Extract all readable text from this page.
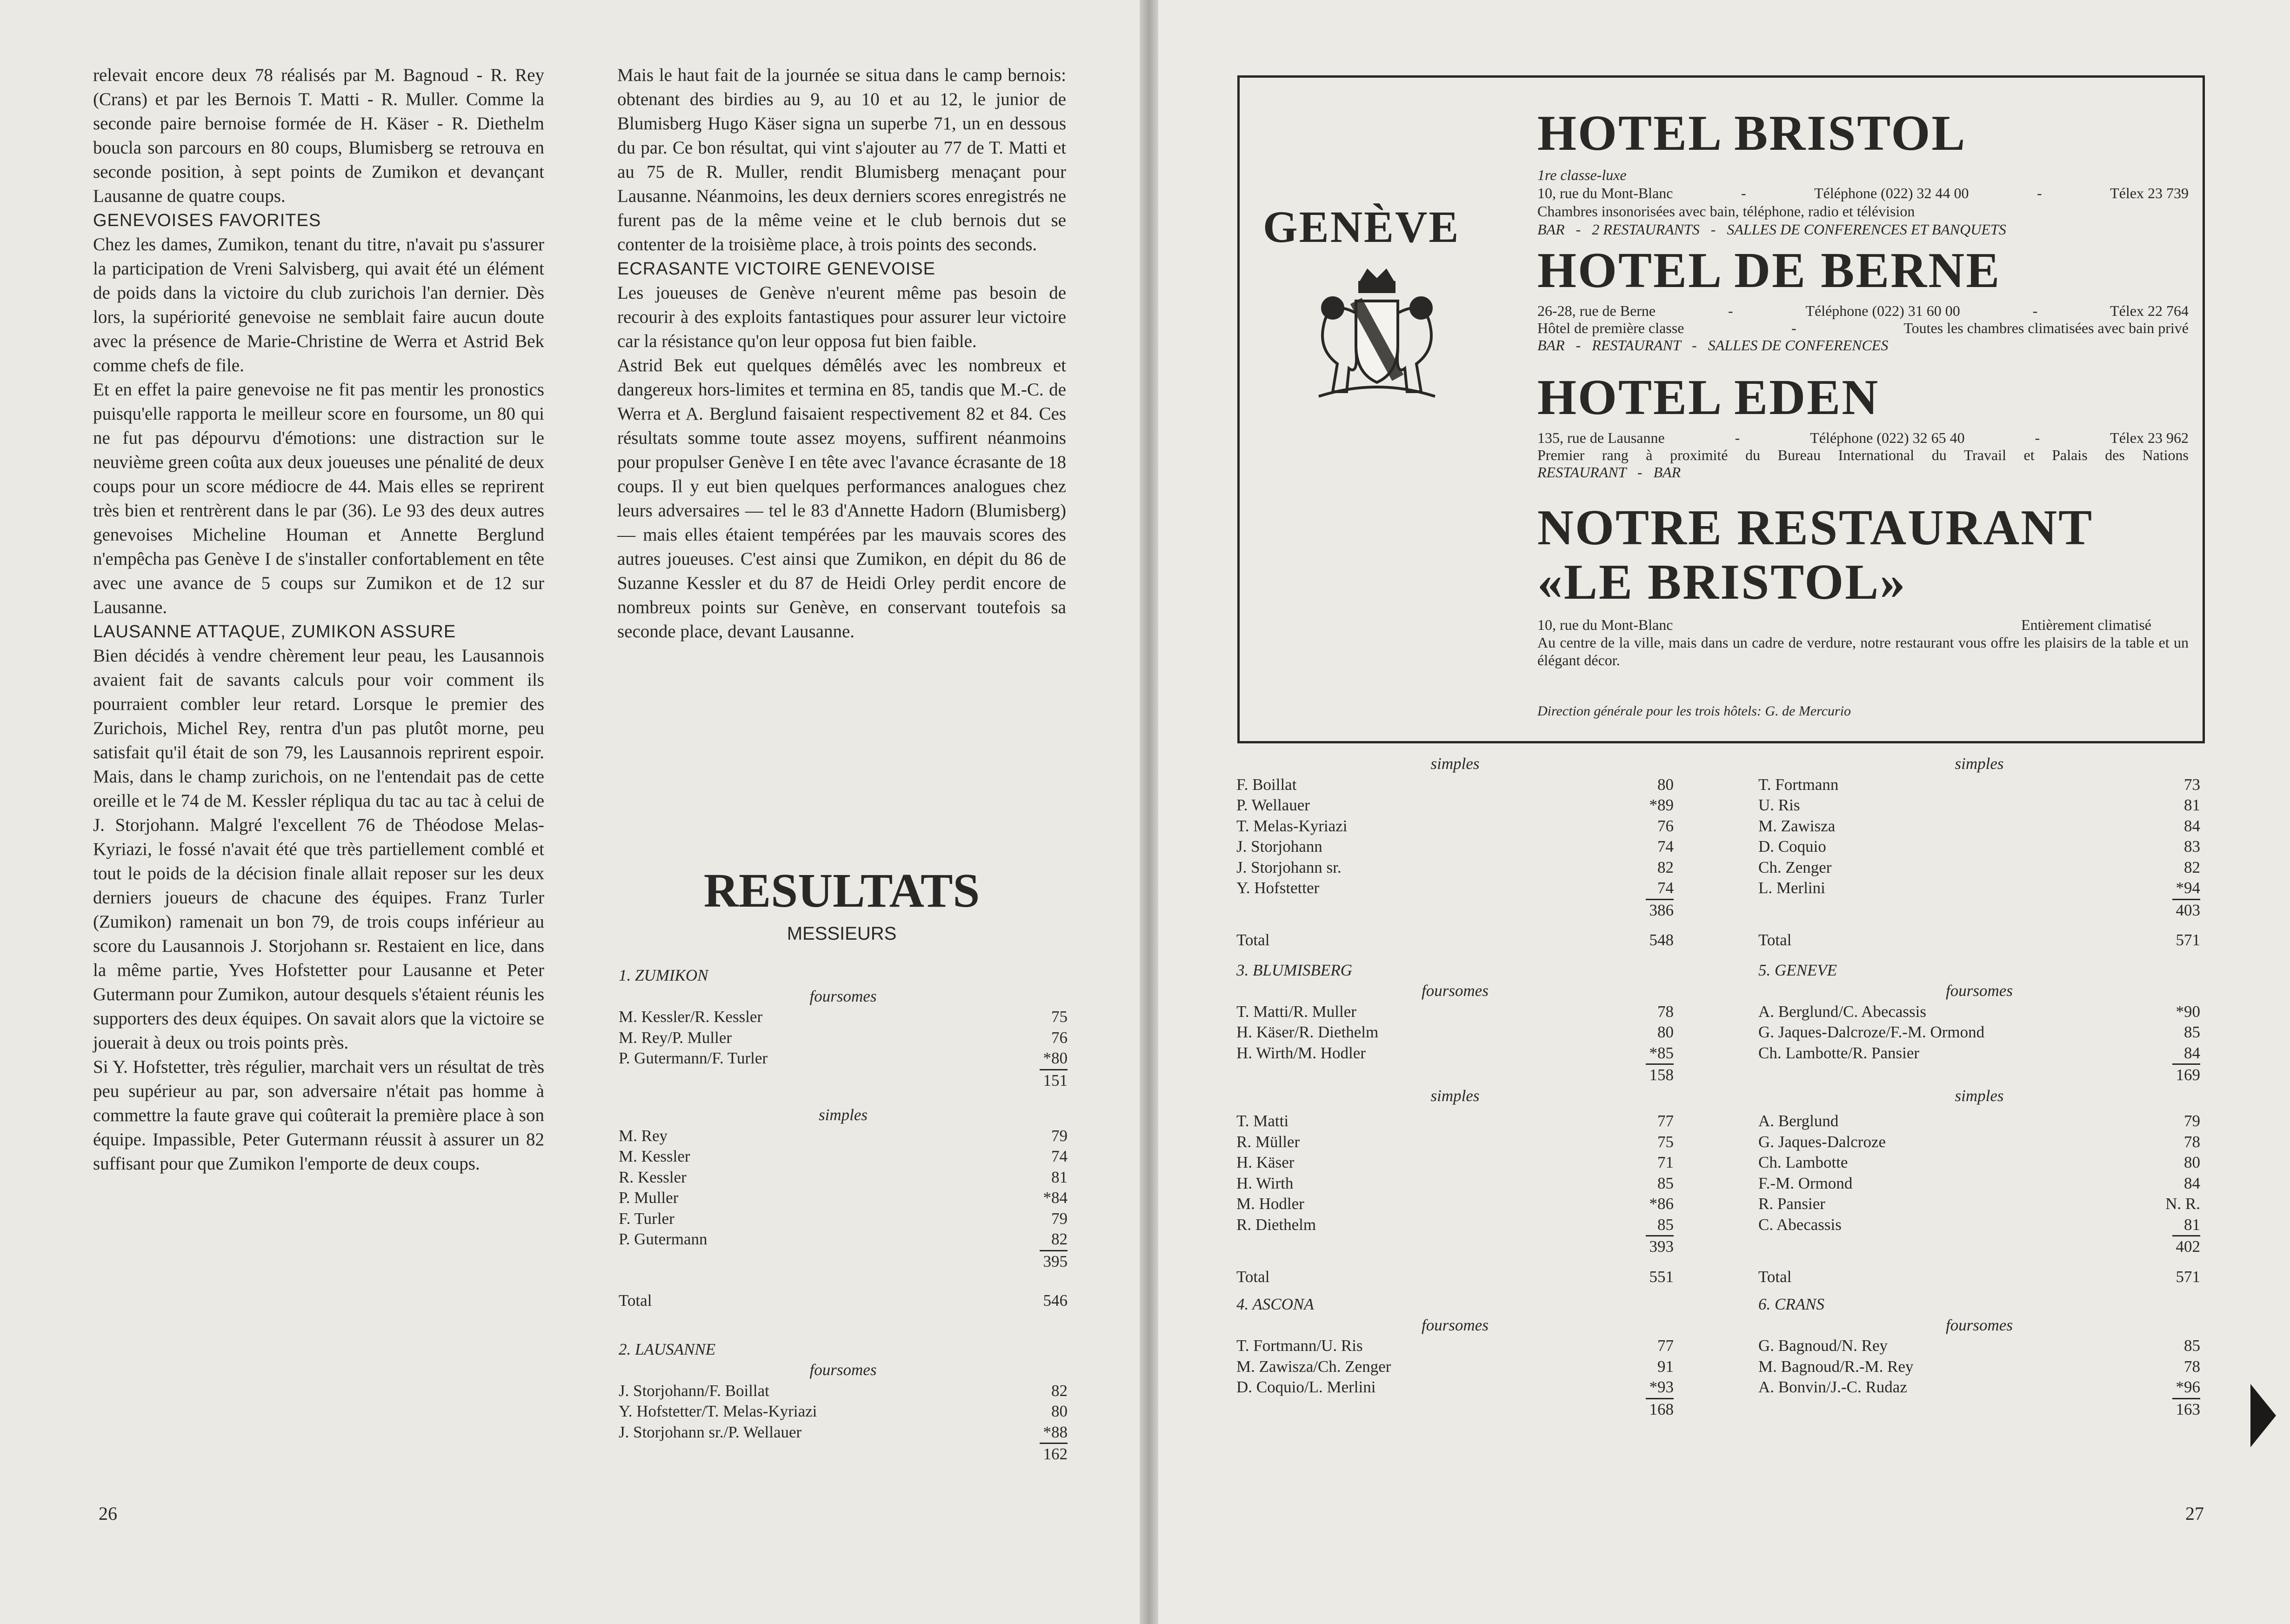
relevait encore deux 78 réalisés par M. Bagnoud - R. Rey (Crans) et par les Bernois T. Matti - R. Muller. Comme la seconde paire bernoise formée de H. Käser - R. Diethelm boucla son parcours en 80 coups, Blumisberg se retrouva en seconde position, à sept points de Zumikon et devançant Lausanne de quatre coups.

GENEVOISES FAVORITES

Chez les dames, Zumikon, tenant du titre, n'avait pu s'assurer la participation de Vreni Salvisberg, qui avait été un élément de poids dans la victoire du club zurichois l'an dernier. Dès lors, la supériorité genevoise ne semblait faire aucun doute avec la présence de Marie-Christine de Werra et Astrid Bek comme chefs de file.

Et en effet la paire genevoise ne fit pas mentir les pronostics puisqu'elle rapporta le meilleur score en foursome, un 80 qui ne fut pas dépourvu d'émotions: une distraction sur le neuvième green coûta aux deux joueuses une pénalité de deux coups pour un score médiocre de 44. Mais elles se reprirent très bien et rentrèrent dans le par (36). Le 93 des deux autres genevoises Micheline Houman et Annette Berglund n'empêcha pas Genève I de s'installer confortablement en tête avec une avance de 5 coups sur Zumikon et de 12 sur Lausanne.

LAUSANNE ATTAQUE, ZUMIKON ASSURE

Bien décidés à vendre chèrement leur peau, les Lausannois avaient fait de savants calculs pour voir comment ils pourraient combler leur retard. Lorsque le premier des Zurichois, Michel Rey, rentra d'un pas plutôt morne, peu satisfait qu'il était de son 79, les Lausannois reprirent espoir. Mais, dans le champ zurichois, on ne l'entendait pas de cette oreille et le 74 de M. Kessler répliqua du tac au tac à celui de J. Storjohann. Malgré l'excellent 76 de Théodose Melas-Kyriazi, le fossé n'avait été que très partiellement comblé et tout le poids de la décision finale allait reposer sur les deux derniers joueurs de chacune des équipes. Franz Turler (Zumikon) ramenait un bon 79, de trois coups inférieur au score du Lausannois J. Storjohann sr. Restaient en lice, dans la même partie, Yves Hofstetter pour Lausanne et Peter Gutermann pour Zumikon, autour desquels s'étaient réunis les supporters des deux équipes. On savait alors que la victoire se jouerait à deux ou trois points près.

Si Y. Hofstetter, très régulier, marchait vers un résultat de très peu supérieur au par, son adversaire n'était pas homme à commettre la faute grave qui coûterait la première place à son équipe. Impassible, Peter Gutermann réussit à assurer un 82 suffisant pour que Zumikon l'emporte de deux coups.

Mais le haut fait de la journée se situa dans le camp bernois: obtenant des birdies au 9, au 10 et au 12, le junior de Blumisberg Hugo Käser signa un superbe 71, un en dessous du par. Ce bon résultat, qui vint s'ajouter au 77 de T. Matti et au 75 de R. Muller, rendit Blumisberg menaçant pour Lausanne. Néanmoins, les deux derniers scores enregistrés ne furent pas de la même veine et le club bernois dut se contenter de la troisième place, à trois points des seconds.

ECRASANTE VICTOIRE GENEVOISE

Les joueuses de Genève n'eurent même pas besoin de recourir à des exploits fantastiques pour assurer leur victoire car la résistance qu'on leur opposa fut bien faible.

Astrid Bek eut quelques démêlés avec les nombreux et dangereux hors-limites et termina en 85, tandis que M.-C. de Werra et A. Berglund faisaient respectivement 82 et 84. Ces résultats somme toute assez moyens, suffirent néanmoins pour propulser Genève I en tête avec l'avance écrasante de 18 coups. Il y eut bien quelques performances analogues chez leurs adversaires — tel le 83 d'Annette Hadorn (Blumisberg) — mais elles étaient tempérées par les mauvais scores des autres joueuses. C'est ainsi que Zumikon, en dépit du 86 de Suzanne Kessler et du 87 de Heidi Orley perdit encore de nombreux points sur Genève, en conservant toutefois sa seconde place, devant Lausanne.

RESULTATS
MESSIEURS
1. ZUMIKON
foursomes
M. Kessler/R. Kessler	75
M. Rey/P. Muller	76
P. Gutermann/F. Turler	*80
151
simples
M. Rey	79
M. Kessler	74
R. Kessler	81
P. Muller	*84
F. Turler	79
P. Gutermann	82
395
Total	546
2. LAUSANNE
foursomes
J. Storjohann/F. Boillat	82
Y. Hofstetter/T. Melas-Kyriazi	80
J. Storjohann sr./P. Wellauer	*88
162
26
GENÈVE
HOTEL BRISTOL
1re classe-luxe
10, rue du Mont-Blanc	-	Téléphone (022) 32 44 00	-	Télex 23 739
Chambres insonorisées avec bain, téléphone, radio et télévision
BAR   -   2 RESTAURANTS   -   SALLES DE CONFERENCES ET BANQUETS
HOTEL DE BERNE
26-28, rue de Berne	-	Téléphone (022) 31 60 00	-	Télex 22 764
Hôtel de première classe	-	Toutes les chambres climatisées avec bain privé
BAR   -   RESTAURANT   -   SALLES DE CONFERENCES
HOTEL EDEN
135, rue de Lausanne	-	Téléphone (022) 32 65 40	-	Télex 23 962
Premier rang à proximité du Bureau International du Travail et Palais des Nations
RESTAURANT   -   BAR
NOTRE RESTAURANT
«LE BRISTOL»
10, rue du Mont-Blanc	Entièrement climatisé
Au centre de la ville, mais dans un cadre de verdure, notre restaurant vous offre les plaisirs de la table et un élégant décor.
Direction générale pour les trois hôtels: G. de Mercurio
simples
F. Boillat	80
P. Wellauer	*89
T. Melas-Kyriazi	76
J. Storjohann	74
J. Storjohann sr.	82
Y. Hofstetter	74
386
Total	548
3. BLUMISBERG
foursomes
T. Matti/R. Muller	78
H. Käser/R. Diethelm	80
H. Wirth/M. Hodler	*85
158
simples
T. Matti	77
R. Müller	75
H. Käser	71
H. Wirth	85
M. Hodler	*86
R. Diethelm	85
393
Total	551
4. ASCONA
foursomes
T. Fortmann/U. Ris	77
M. Zawisza/Ch. Zenger	91
D. Coquio/L. Merlini	*93
168
simples
T. Fortmann	73
U. Ris	81
M. Zawisza	84
D. Coquio	83
Ch. Zenger	82
L. Merlini	*94
403
Total	571
5. GENEVE
foursomes
A. Berglund/C. Abecassis	*90
G. Jaques-Dalcroze/F.-M. Ormond	85
Ch. Lambotte/R. Pansier	84
169
simples
A. Berglund	79
G. Jaques-Dalcroze	78
Ch. Lambotte	80
F.-M. Ormond	84
R. Pansier	N. R.
C. Abecassis	81
402
Total	571
6. CRANS
foursomes
G. Bagnoud/N. Rey	85
M. Bagnoud/R.-M. Rey	78
A. Bonvin/J.-C. Rudaz	*96
163
27
